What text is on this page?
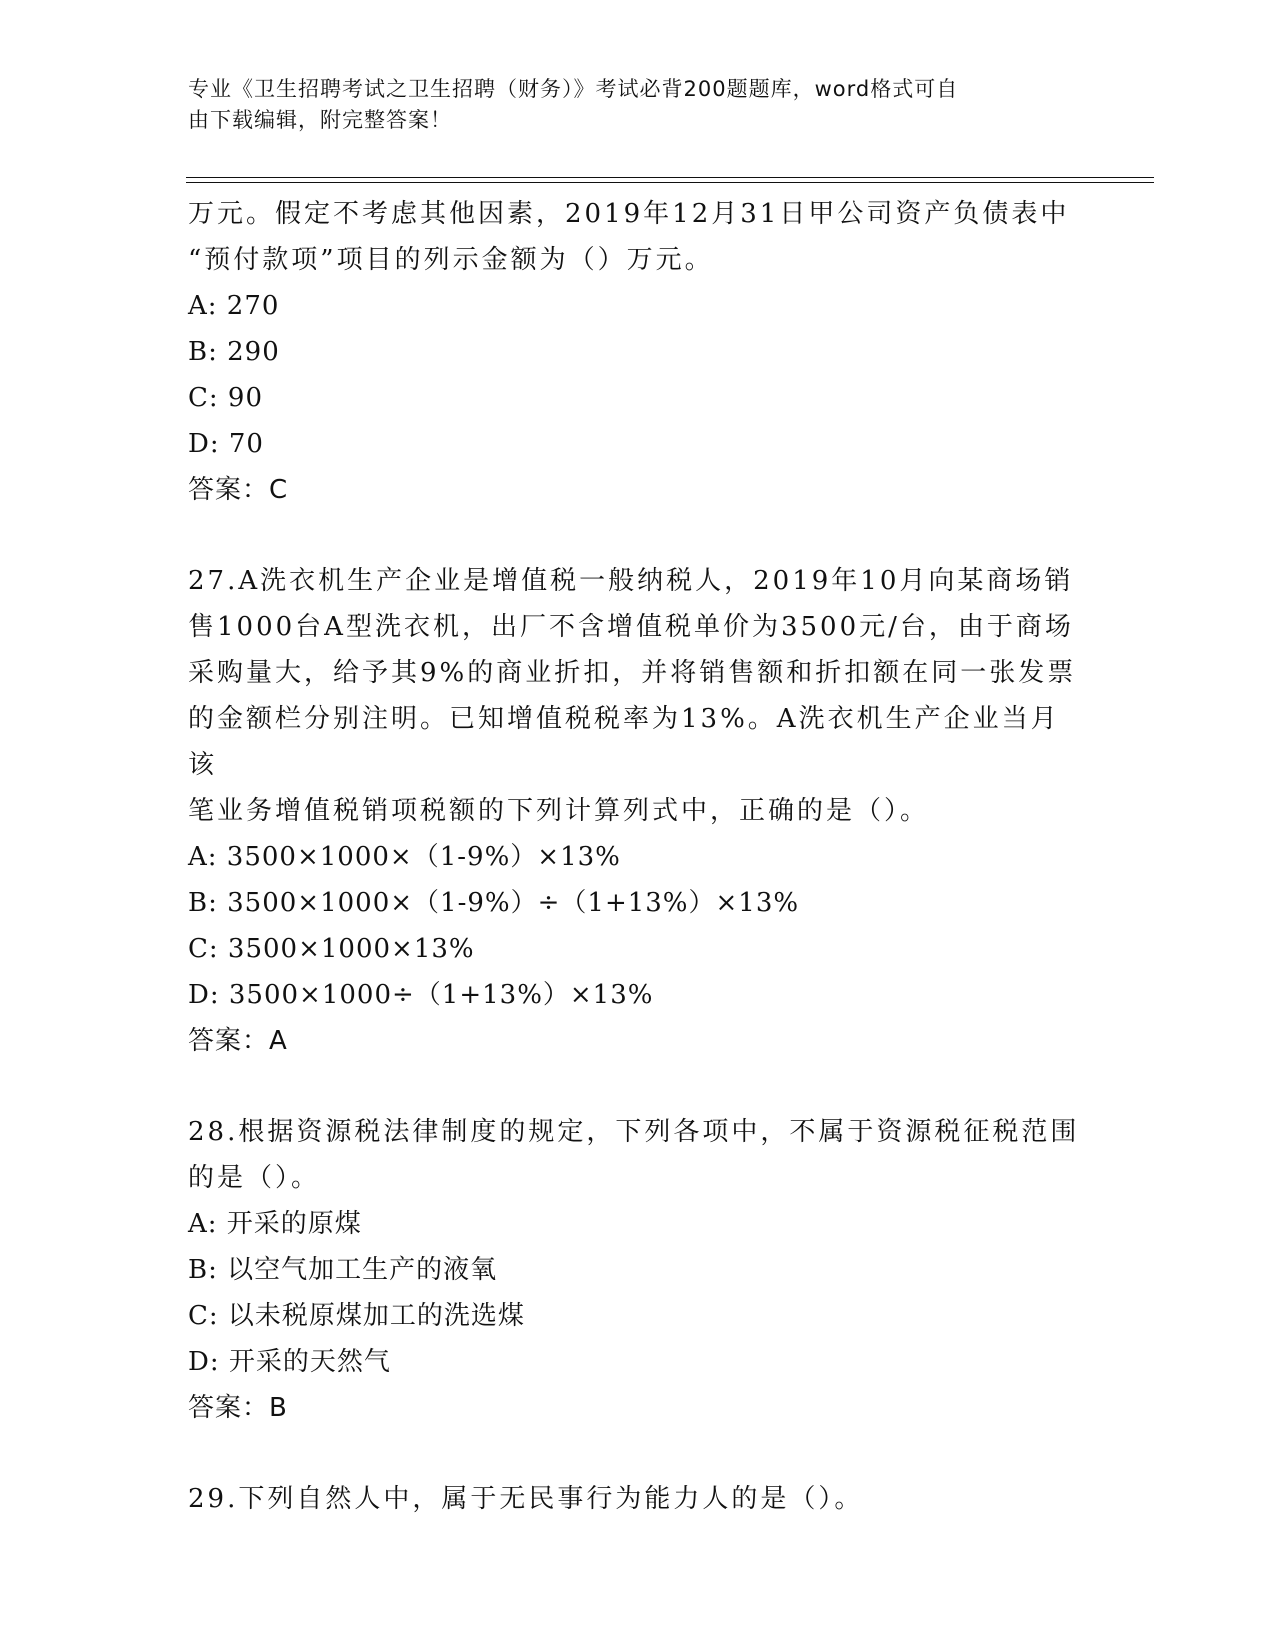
专业《卫生招聘考试之卫生招聘（财务）》考试必背200题题库，word格式可自
由下载编辑，附完整答案！

万元。假定不考虑其他因素，2019年12月31日甲公司资产负债表中

“预付款项”项目的列示金额为（）万元。

A: 270

B: 290

C: 90

D: 70

答案：C

27.A洗衣机生产企业是增值税一般纳税人，2019年10月向某商场销

售1000台A型洗衣机，出厂不含增值税单价为3500元/台，由于商场

采购量大，给予其9%的商业折扣，并将销售额和折扣额在同一张发票

的金额栏分别注明。已知增值税税率为13%。A洗衣机生产企业当月该

笔业务增值税销项税额的下列计算列式中，正确的是（）。

A: 3500×1000×（1-9%）×13%

B: 3500×1000×（1-9%）÷（1+13%）×13%

C: 3500×1000×13%

D: 3500×1000÷（1+13%）×13%

答案：A

28.根据资源税法律制度的规定，下列各项中，不属于资源税征税范围

的是（）。

A: 开采的原煤

B: 以空气加工生产的液氧

C: 以未税原煤加工的洗选煤

D: 开采的天然气

答案：B

29.下列自然人中，属于无民事行为能力人的是（）。
